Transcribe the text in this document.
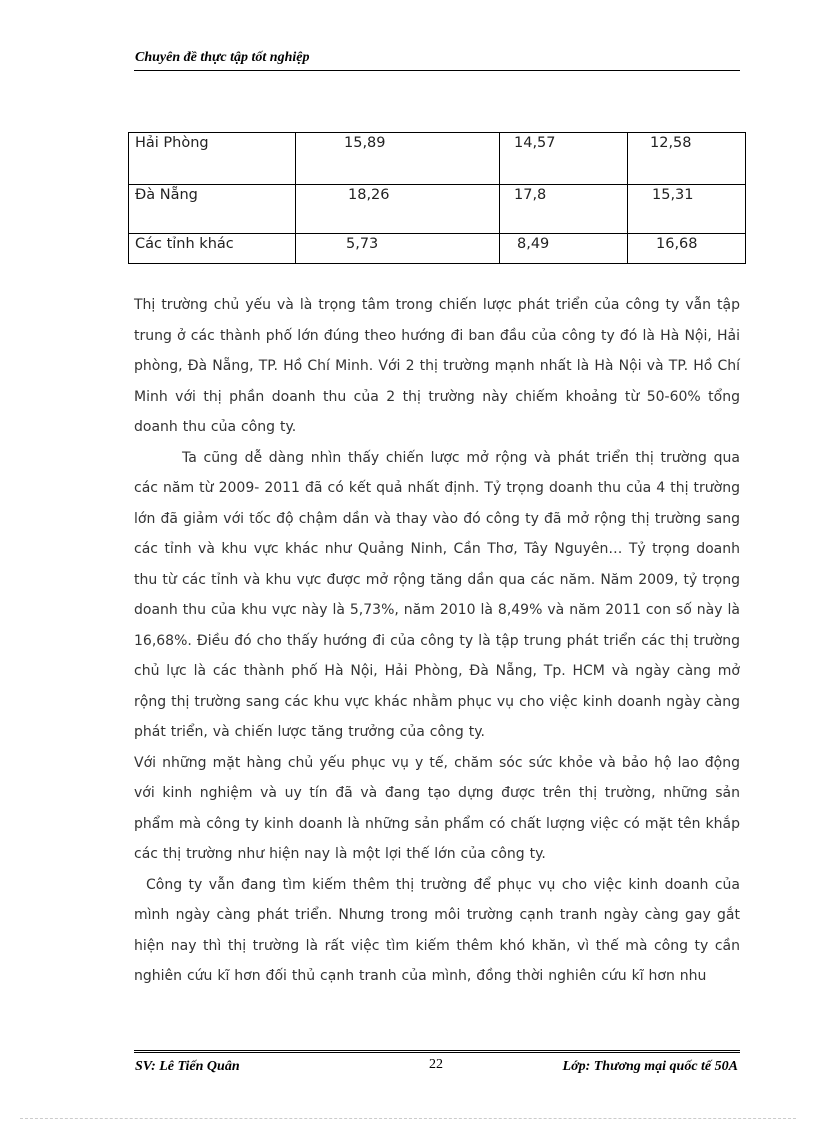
Chuyên đề thực tập tốt nghiệp
Hải Phòng	15,89	14,57	12,58

Đà Nẵng	18,26	17,8	15,31

Các tỉnh khác	5,73	8,49	16,68

Thị trường chủ yếu và là trọng tâm trong chiến lược phát triển của công ty vẫn tập trung ở các thành phố lớn đúng theo hướng đi ban đầu của công ty đó là Hà Nội, Hải phòng, Đà Nẵng, TP. Hồ Chí Minh. Với 2 thị trường mạnh nhất là Hà Nội và TP. Hồ Chí Minh với thị phần doanh thu của 2 thị trường này chiếm khoảng từ 50-60% tổng doanh thu của công ty.

Ta cũng dễ dàng nhìn thấy chiến lược mở rộng và phát triển thị trường qua các năm từ 2009- 2011 đã có kết quả nhất định. Tỷ trọng doanh thu của 4 thị trường lớn đã giảm với tốc độ chậm dần và thay vào đó công ty đã mở rộng thị trường sang các tỉnh và khu vực khác như Quảng Ninh, Cần Thơ, Tây Nguyên… Tỷ trọng doanh thu từ các tỉnh và khu vực được mở rộng tăng dần qua các năm. Năm 2009, tỷ trọng doanh thu của khu vực này là 5,73%, năm 2010 là 8,49% và năm 2011 con số này là 16,68%. Điều đó cho thấy hướng đi của công ty là tập trung phát triển các thị trường chủ lực là các thành phố Hà Nội, Hải Phòng, Đà Nẵng, Tp. HCM và ngày càng mở rộng thị trường sang các khu vực khác nhằm phục vụ cho việc kinh doanh ngày càng phát triển, và chiến lược tăng trưởng của công ty.

Với những mặt hàng chủ yếu phục vụ y tế, chăm sóc sức khỏe và bảo hộ lao động với kinh nghiệm và uy tín đã và đang tạo dựng được trên thị trường, những sản phẩm mà công ty kinh doanh là những sản phẩm có chất lượng việc có mặt tên khắp các thị trường như hiện nay là một lợi thế lớn của công ty.

Công ty vẫn đang tìm kiếm thêm thị trường để phục vụ cho việc kinh doanh của mình ngày càng phát triển. Nhưng trong môi trường cạnh tranh ngày càng gay gắt hiện nay thì thị trường là rất việc tìm kiếm thêm khó khăn, vì thế mà công ty cần nghiên cứu kĩ hơn đối thủ cạnh tranh của mình, đồng thời nghiên cứu kĩ hơn nhu

SV: Lê Tiến Quân	22	Lớp: Thương mại quốc tế 50A
